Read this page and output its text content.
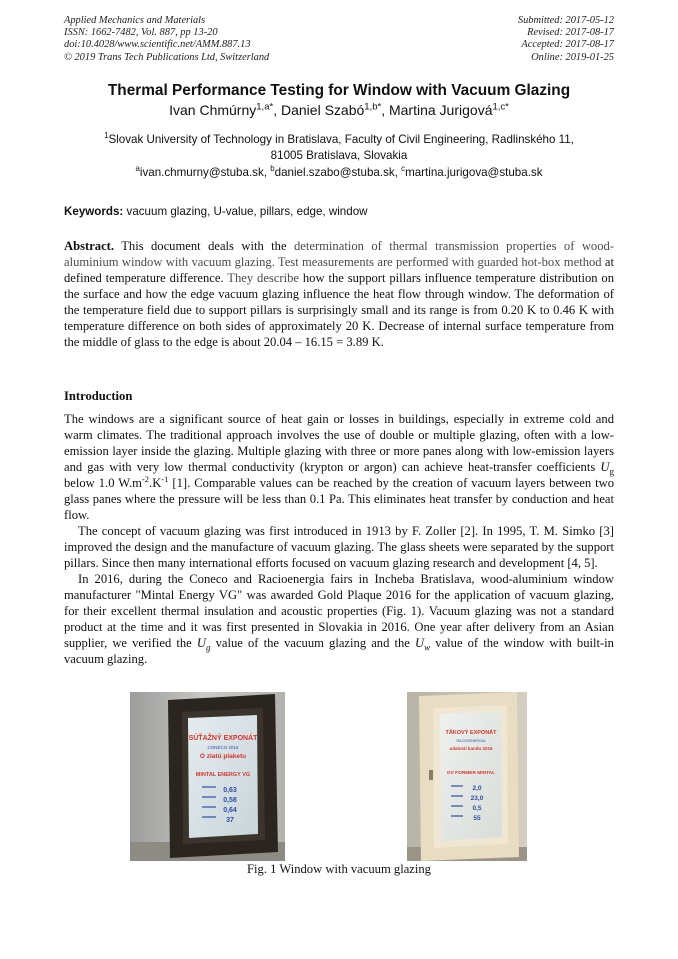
Applied Mechanics and Materials
ISSN: 1662-7482, Vol. 887, pp 13-20
doi:10.4028/www.scientific.net/AMM.887.13
© 2019 Trans Tech Publications Ltd, Switzerland
Submitted: 2017-05-12
Revised: 2017-08-17
Accepted: 2017-08-17
Online: 2019-01-25
Thermal Performance Testing for Window with Vacuum Glazing
Ivan Chmúrny$^{1,a*}$, Daniel Szabó$^{1,b*}$, Martina Jurigová$^{1,c*}$
$^1$Slovak University of Technology in Bratislava, Faculty of Civil Engineering, Radlinského 11,
81005 Bratislava, Slovakia
$^a$ivan.chmurny@stuba.sk, $^b$daniel.szabo@stuba.sk, $^c$martina.jurigova@stuba.sk
Keywords: vacuum glazing, U-value, pillars, edge, window
Abstract. This document deals with the determination of thermal transmission properties of wood-aluminium window with vacuum glazing. Test measurements are performed with guarded hot-box method at defined temperature difference. They describe how the support pillars influence temperature distribution on the surface and how the edge vacuum glazing influence the heat flow through window. The deformation of the temperature field due to support pillars is surprisingly small and its range is from 0.20 K to 0.46 K with temperature difference on both sides of approximately 20 K. Decrease of internal surface temperature from the middle of glass to the edge is about 20.04 – 16.15 = 3.89 K.
Introduction

The windows are a significant source of heat gain or losses in buildings, especially in extreme cold and warm climates. The traditional approach involves the use of double or multiple glazing, often with a low-emission layer inside the glazing. Multiple glazing with three or more panes along with low-emission layers and gas with very low thermal conductivity (krypton or argon) can achieve heat-transfer coefficients $U_g$ below 1.0 $W.m^{-2}.K^{-1}$ [1]. Comparable values can be reached by the creation of vacuum layers between two glass panes where the pressure will be less than 0.1 Pa. This eliminates heat transfer by conduction and heat flow.

The concept of vacuum glazing was first introduced in 1913 by F. Zoller [2]. In 1995, T. M. Simko [3] improved the design and the manufacture of vacuum glazing. The glass sheets were separated by the support pillars. Since then many international efforts focused on vacuum glazing research and development [4, 5].

In 2016, during the Coneco and Racioenergia fairs in Incheba Bratislava, wood-aluminium window manufacturer "Mintal Energy VG" was awarded Gold Plaque 2016 for the application of vacuum glazing, for their excellent thermal insulation and acoustic properties (Fig. 1). Vacuum glazing was not a standard product at the time and it was first presented in Slovakia in 2016. One year after delivery from an Asian supplier, we verified the $U_g$ value of the vacuum glazing and the $U_w$ value of the window with built-in vacuum glazing.

SÚŤAŽNÝ EXPONÁT
CONECO 2016
O zlatú plaketu
MINTAL ENERGY VG
0,63
0,58
0,64
37
TÁKOVÝ EXPONÁT
RACIOENERGIA
udalosti kandu 2016
OV FORMER MINTAL
2,0
23,0
0,5
55
Fig. 1 Window with vacuum glazing
